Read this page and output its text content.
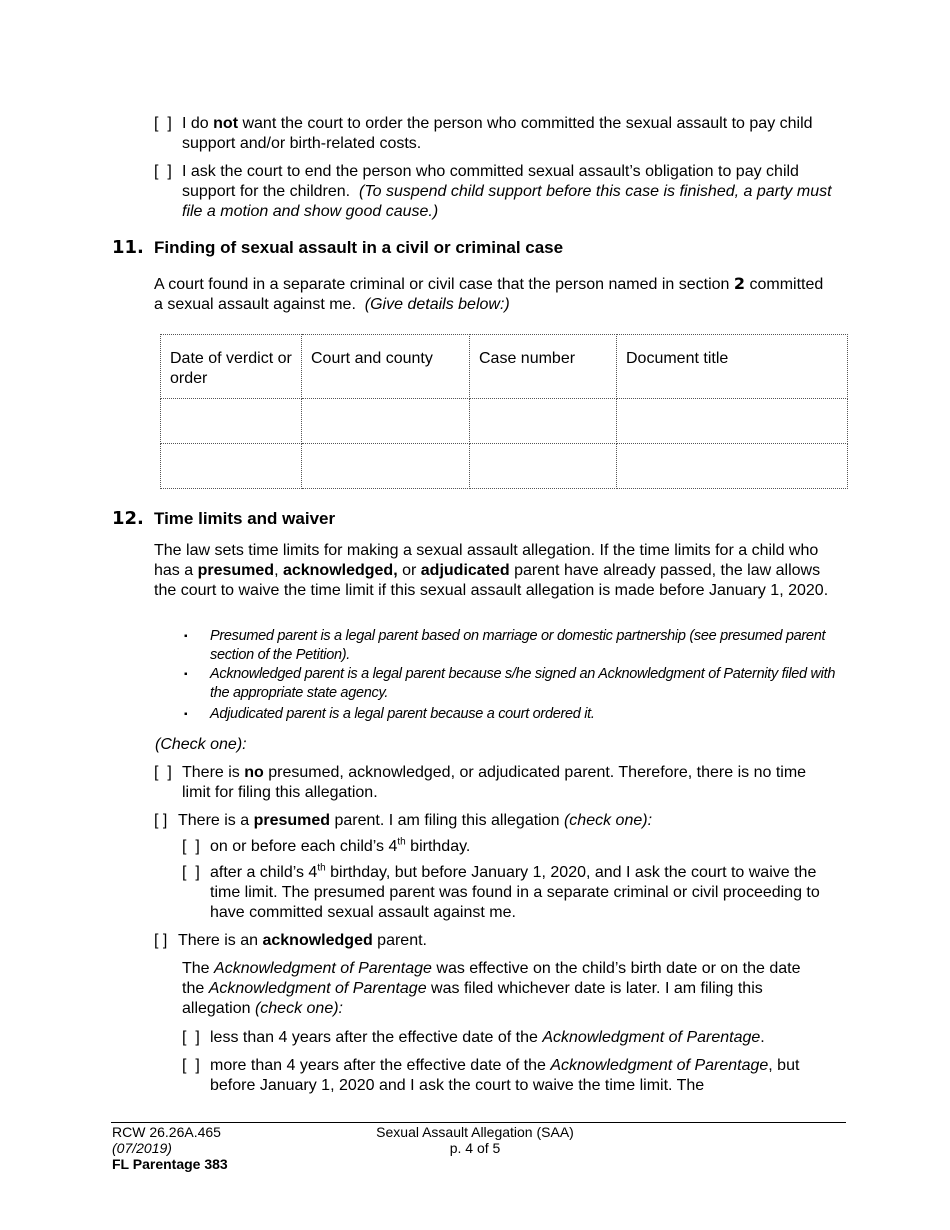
[  ] I do not want the court to order the person who committed the sexual assault to pay child support and/or birth-related costs.

[  ] I ask the court to end the person who committed sexual assault’s obligation to pay child support for the children. (To suspend child support before this case is finished, a party must file a motion and show good cause.)

11. Finding of sexual assault in a civil or criminal case

A court found in a separate criminal or civil case that the person named in section 2 committed a sexual assault against me. (Give details below:)

Date of verdict or order	Court and county	Case number	Document title

12. Time limits and waiver

The law sets time limits for making a sexual assault allegation. If the time limits for a child who has a presumed, acknowledged, or adjudicated parent have already passed, the law allows the court to waive the time limit if this sexual assault allegation is made before January 1, 2020.

▪ Presumed parent is a legal parent based on marriage or domestic partnership (see presumed parent section of the Petition).
▪ Acknowledged parent is a legal parent because s/he signed an Acknowledgment of Paternity filed with the appropriate state agency.
▪ Adjudicated parent is a legal parent because a court ordered it.

(Check one):

[  ] There is no presumed, acknowledged, or adjudicated parent. Therefore, there is no time limit for filing this allegation.

[ ] There is a presumed parent. I am filing this allegation (check one):

[  ] on or before each child’s 4th birthday.

[  ] after a child’s 4th birthday, but before January 1, 2020, and I ask the court to waive the time limit. The presumed parent was found in a separate criminal or civil proceeding to have committed sexual assault against me.

[ ] There is an acknowledged parent.

The Acknowledgment of Parentage was effective on the child’s birth date or on the date the Acknowledgment of Parentage was filed whichever date is later. I am filing this allegation (check one):

[  ] less than 4 years after the effective date of the Acknowledgment of Parentage.

[  ] more than 4 years after the effective date of the Acknowledgment of Parentage, but before January 1, 2020 and I ask the court to waive the time limit. The

RCW 26.26A.465
(07/2019)
FL Parentage 383
Sexual Assault Allegation (SAA)
p. 4 of 5
